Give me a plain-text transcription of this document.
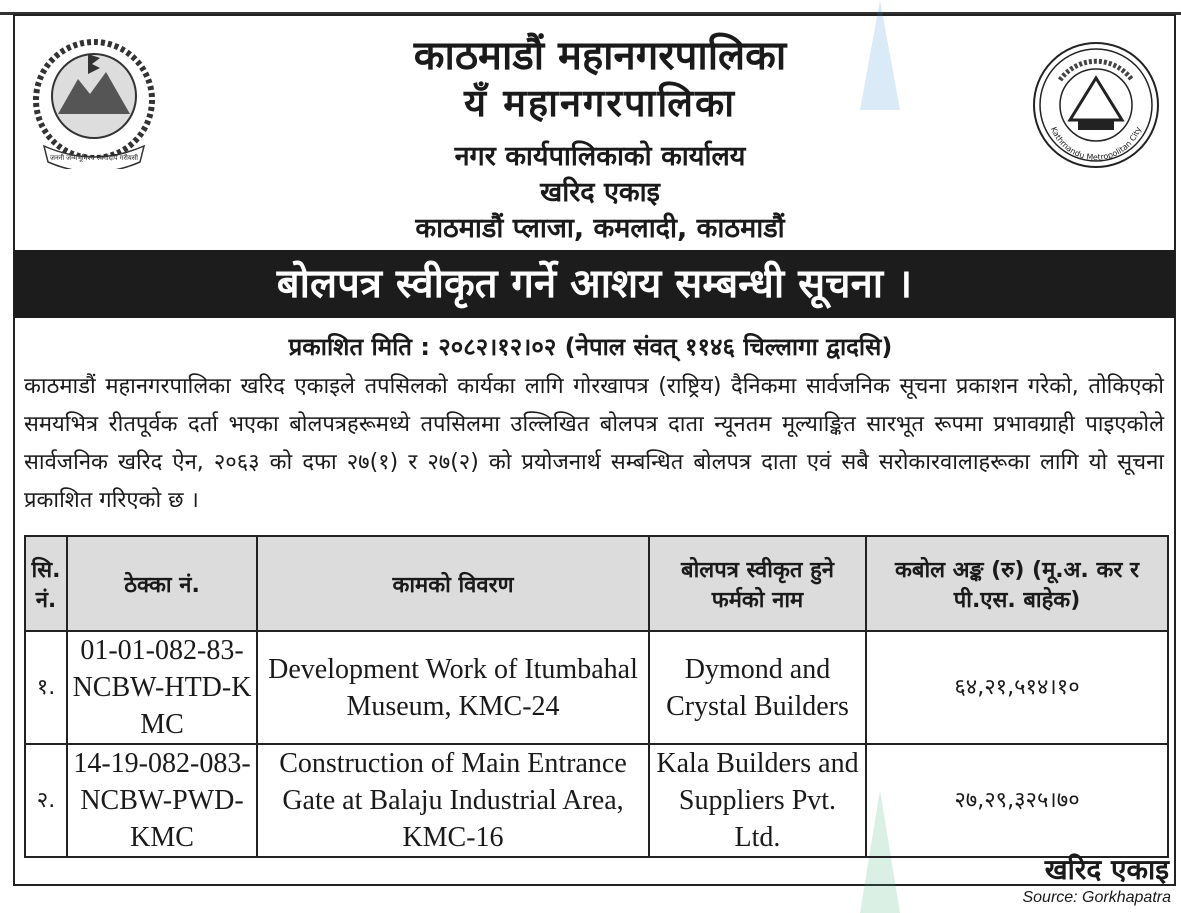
जननी जन्मभूमिश्च स्वर्गादपि गरीयसी
Kathmandu Metropolitan City
काठमाडौं महानगरपालिका
यँ महानगरपालिका
नगर कार्यपालिकाको कार्यालय
खरिद एकाइ
काठमाडौं प्लाजा, कमलादी, काठमाडौं
बोलपत्र स्वीकृत गर्ने आशय सम्बन्धी सूचना ।
प्रकाशित मिति : २०८२।१२।०२ (नेपाल संवत् ११४६ चिल्लागा द्वादसि)
काठमाडौं महानगरपालिका खरिद एकाइले तपसिलको कार्यका लागि गोरखापत्र (राष्ट्रिय) दैनिकमा सार्वजनिक सूचना प्रकाशन गरेको, तोकिएको समयभित्र रीतपूर्वक दर्ता भएका बोलपत्रहरूमध्ये तपसिलमा उल्लिखित बोलपत्र दाता न्यूनतम मूल्याङ्कित सारभूत रूपमा प्रभावग्राही पाइएकोले सार्वजनिक खरिद ऐन, २०६३ को दफा २७(१) र २७(२) को प्रयोजनार्थ सम्बन्धित बोलपत्र दाता एवं सबै सरोकारवालाहरूका लागि यो सूचना प्रकाशित गरिएको छ ।
सि. नं.	ठेक्का नं.	कामको विवरण	बोलपत्र स्वीकृत हुने फर्मको नाम	कबोल अङ्क (रु) (मू.अ. कर र पी.एस. बाहेक)
१.	01-01-082-83-NCBW-HTD-KMC	Development Work of Itumbahal Museum, KMC-24	Dymond and Crystal Builders	६४,२१,५१४।१०
२.	14-19-082-083-NCBW-PWD-KMC	Construction of Main Entrance Gate at Balaju Industrial Area, KMC-16	Kala Builders and Suppliers Pvt. Ltd.	२७,२९,३२५।७०
खरिद एकाइ
Source: Gorkhapatra
